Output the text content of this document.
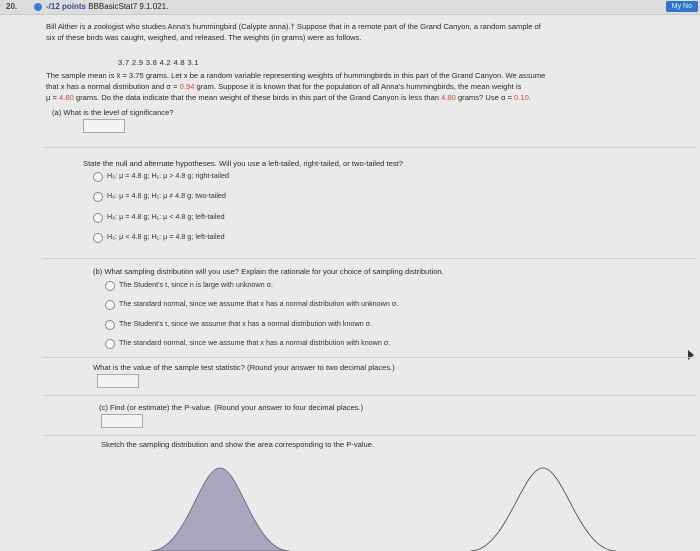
20.	-/12 points BBBasicStat7 9.1.021.	My No
Bill Alther is a zoologist who studies Anna's hummingbird (Calypte anna).† Suppose that in a remote part of the Grand Canyon, a random sample of
six of these birds was caught, weighed, and released. The weights (in grams) were as follows.
3.7 2.9 3.8 4.2 4.8 3.1
The sample mean is x̄ = 3.75 grams. Let x be a random variable representing weights of hummingbirds in this part of the Grand Canyon. We assume
that x has a normal distribution and σ = 0.94 gram. Suppose it is known that for the population of all Anna's hummingbirds, the mean weight is
μ = 4.80 grams. Do the data indicate that the mean weight of these birds in this part of the Grand Canyon is less than 4.80 grams? Use α = 0.10.
(a) What is the level of significance?
State the null and alternate hypotheses. Will you use a left-tailed, right-tailed, or two-tailed test?
H₀: μ = 4.8 g; H₁: μ > 4.8 g; right-tailed
H₀: μ = 4.8 g; H₁: μ ≠ 4.8 g; two-tailed
H₀: μ = 4.8 g; H₁: μ < 4.8 g; left-tailed
H₀: μ < 4.8 g; H₁: μ = 4.8 g; left-tailed
(b) What sampling distribution will you use? Explain the rationale for your choice of sampling distribution.
The Student's t, since n is large with unknown σ.
The standard normal, since we assume that x has a normal distribution with unknown σ.
The Student's t, since we assume that x has a normal distribution with known σ.
The standard normal, since we assume that x has a normal distribution with known σ.
What is the value of the sample test statistic? (Round your answer to two decimal places.)
(c) Find (or estimate) the P-value. (Round your answer to four decimal places.)
Sketch the sampling distribution and show the area corresponding to the P-value.
